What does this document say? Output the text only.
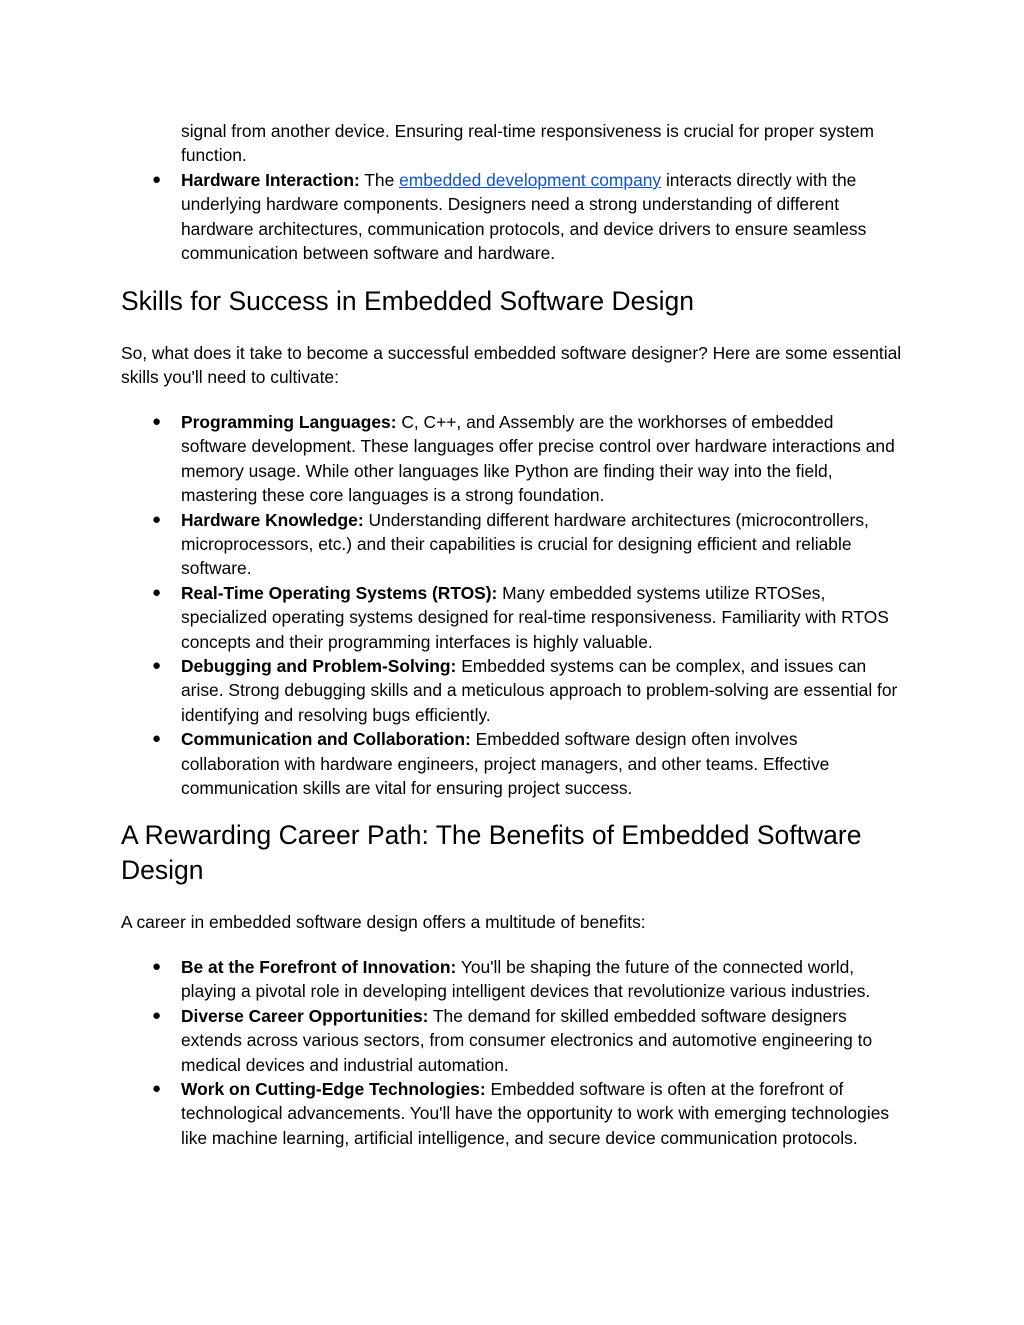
signal from another device. Ensuring real-time responsiveness is crucial for proper system function.
● Hardware Interaction: The embedded development company interacts directly with the underlying hardware components. Designers need a strong understanding of different hardware architectures, communication protocols, and device drivers to ensure seamless communication between software and hardware.
Skills for Success in Embedded Software Design

So, what does it take to become a successful embedded software designer? Here are some essential skills you'll need to cultivate:

● Programming Languages: C, C++, and Assembly are the workhorses of embedded software development. These languages offer precise control over hardware interactions and memory usage. While other languages like Python are finding their way into the field, mastering these core languages is a strong foundation.
● Hardware Knowledge: Understanding different hardware architectures (microcontrollers, microprocessors, etc.) and their capabilities is crucial for designing efficient and reliable software.
● Real-Time Operating Systems (RTOS): Many embedded systems utilize RTOSes, specialized operating systems designed for real-time responsiveness. Familiarity with RTOS concepts and their programming interfaces is highly valuable.
● Debugging and Problem-Solving: Embedded systems can be complex, and issues can arise. Strong debugging skills and a meticulous approach to problem-solving are essential for identifying and resolving bugs efficiently.
● Communication and Collaboration: Embedded software design often involves collaboration with hardware engineers, project managers, and other teams. Effective communication skills are vital for ensuring project success.
A Rewarding Career Path: The Benefits of Embedded Software Design

A career in embedded software design offers a multitude of benefits:

● Be at the Forefront of Innovation: You'll be shaping the future of the connected world, playing a pivotal role in developing intelligent devices that revolutionize various industries.
● Diverse Career Opportunities: The demand for skilled embedded software designers extends across various sectors, from consumer electronics and automotive engineering to medical devices and industrial automation.
● Work on Cutting-Edge Technologies: Embedded software is often at the forefront of technological advancements. You'll have the opportunity to work with emerging technologies like machine learning, artificial intelligence, and secure device communication protocols.
